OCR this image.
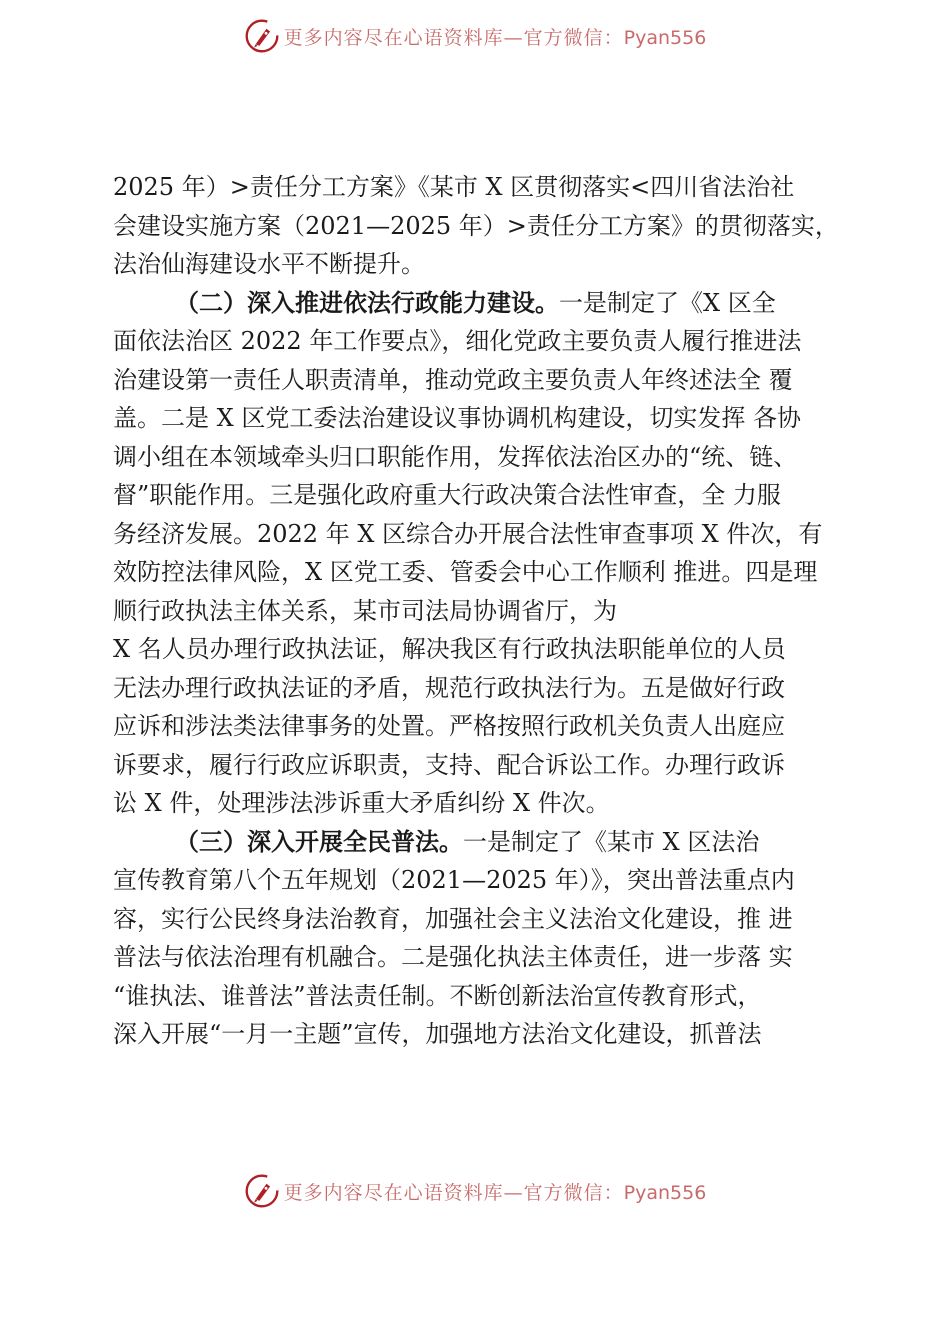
更多内容尽在心语资料库—官方微信：Pyan556

2025 年）>责任分工方案》《某市 X 区贯彻落实<四川省法治社
会建设实施方案（2021—2025 年）>责任分工方案》的贯彻落实，
法治仙海建设水平不断提升。

（二）深入推进依法行政能力建设。一是制定了《X 区全
面依法治区 2022 年工作要点》，细化党政主要负责人履行推进法
治建设第一责任人职责清单，推动党政主要负责人年终述法全 覆
盖。二是 X 区党工委法治建设议事协调机构建设，切实发挥 各协
调小组在本领域牵头归口职能作用，发挥依法治区办的“统、链、
督”职能作用。三是强化政府重大行政决策合法性审查，全 力服
务经济发展。2022 年 X 区综合办开展合法性审查事项 X 件次，有
效防控法律风险，X 区党工委、管委会中心工作顺利 推进。四是理
顺行政执法主体关系，某市司法局协调省厅，为
X 名人员办理行政执法证，解决我区有行政执法职能单位的人员
无法办理行政执法证的矛盾，规范行政执法行为。五是做好行政
应诉和涉法类法律事务的处置。严格按照行政机关负责人出庭应
诉要求，履行行政应诉职责，支持、配合诉讼工作。办理行政诉
讼 X 件，处理涉法涉诉重大矛盾纠纷 X 件次。

（三）深入开展全民普法。一是制定了《某市 X 区法治
宣传教育第八个五年规划（2021—2025 年）》，突出普法重点内
容，实行公民终身法治教育，加强社会主义法治文化建设，推 进
普法与依法治理有机融合。二是强化执法主体责任，进一步落 实
“谁执法、谁普法”普法责任制。不断创新法治宣传教育形式，
深入开展“一月一主题”宣传，加强地方法治文化建设，抓普法

更多内容尽在心语资料库—官方微信：Pyan556
